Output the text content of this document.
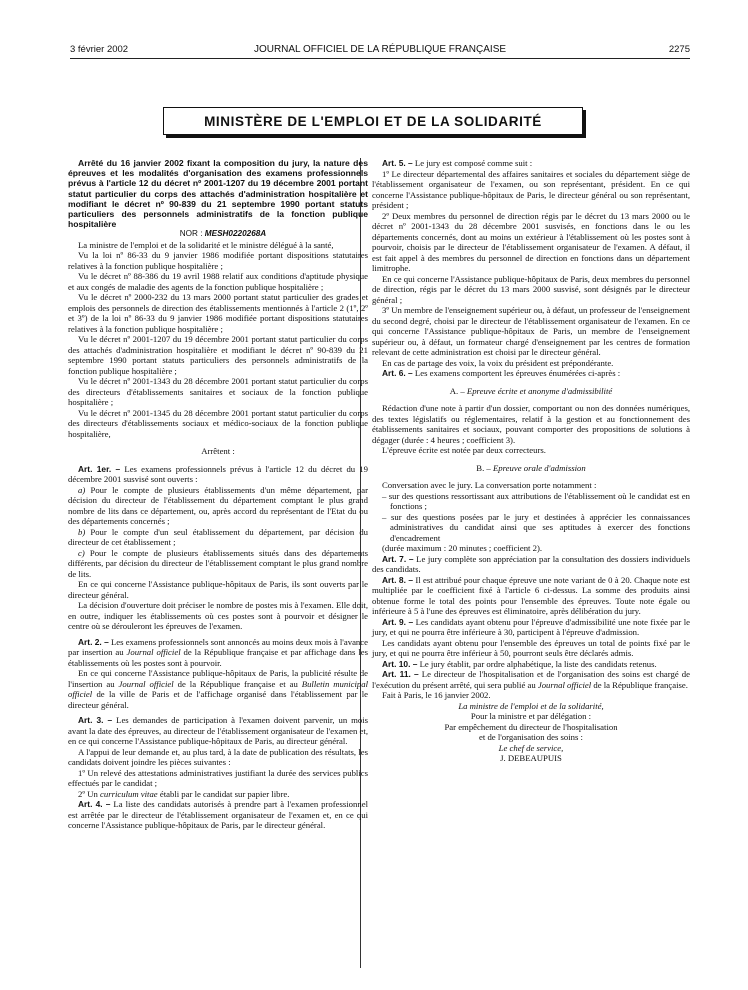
3 février 2002	JOURNAL OFFICIEL DE LA RÉPUBLIQUE FRANÇAISE	2275
MINISTÈRE DE L'EMPLOI ET DE LA SOLIDARITÉ

Arrêté du 16 janvier 2002 fixant la composition du jury, la nature des épreuves et les modalités d'organisation des examens professionnels prévus à l'article 12 du décret nº 2001-1207 du 19 décembre 2001 portant statut particulier du corps des attachés d'administration hospitalière et modifiant le décret nº 90-839 du 21 septembre 1990 portant statuts particuliers des personnels administratifs de la fonction publique hospitalière

NOR : MESH0220268A

La ministre de l'emploi et de la solidarité et le ministre délégué à la santé,

Vu la loi nº 86-33 du 9 janvier 1986 modifiée portant dispositions statutaires relatives à la fonction publique hospitalière ;

Vu le décret nº 88-386 du 19 avril 1988 relatif aux conditions d'aptitude physique et aux congés de maladie des agents de la fonction publique hospitalière ;

Vu le décret nº 2000-232 du 13 mars 2000 portant statut particulier des grades et emplois des personnels de direction des établissements mentionnés à l'article 2 (1º, 2º et 3º) de la loi nº 86-33 du 9 janvier 1986 modifiée portant dispositions statutaires relatives à la fonction publique hospitalière ;

Vu le décret nº 2001-1207 du 19 décembre 2001 portant statut particulier du corps des attachés d'administration hospitalière et modifiant le décret nº 90-839 du 21 septembre 1990 portant statuts particuliers des personnels administratifs de la fonction publique hospitalière ;

Vu le décret nº 2001-1343 du 28 décembre 2001 portant statut particulier du corps des directeurs d'établissements sanitaires et sociaux de la fonction publique hospitalière ;

Vu le décret nº 2001-1345 du 28 décembre 2001 portant statut particulier du corps des directeurs d'établissements sociaux et médico-sociaux de la fonction publique hospitalière,

Arrêtent :

Art. 1er. – Les examens professionnels prévus à l'article 12 du décret du 19 décembre 2001 susvisé sont ouverts :

a) Pour le compte de plusieurs établissements d'un même département, par décision du directeur de l'établissement du département comptant le plus grand nombre de lits dans ce département, ou, après accord du représentant de l'Etat du ou des départements concernés ;

b) Pour le compte d'un seul établissement du département, par décision du directeur de cet établissement ;

c) Pour le compte de plusieurs établissements situés dans des départements différents, par décision du directeur de l'établissement comptant le plus grand nombre de lits.

En ce qui concerne l'Assistance publique-hôpitaux de Paris, ils sont ouverts par le directeur général.

La décision d'ouverture doit préciser le nombre de postes mis à l'examen. Elle doit, en outre, indiquer les établissements où ces postes sont à pourvoir et désigner le centre où se dérouleront les épreuves de l'examen.

Art. 2. – Les examens professionnels sont annoncés au moins deux mois à l'avance par insertion au Journal officiel de la République française et par affichage dans les établissements où les postes sont à pourvoir.

En ce qui concerne l'Assistance publique-hôpitaux de Paris, la publicité résulte de l'insertion au Journal officiel de la République française et au Bulletin municipal officiel de la ville de Paris et de l'affichage organisé dans l'établissement par le directeur général.

Art. 3. – Les demandes de participation à l'examen doivent parvenir, un mois avant la date des épreuves, au directeur de l'établissement organisateur de l'examen et, en ce qui concerne l'Assistance publique-hôpitaux de Paris, au directeur général.

A l'appui de leur demande et, au plus tard, à la date de publication des résultats, les candidats doivent joindre les pièces suivantes :

1º Un relevé des attestations administratives justifiant la durée des services publics effectués par le candidat ;

2º Un curriculum vitae établi par le candidat sur papier libre.

Art. 4. – La liste des candidats autorisés à prendre part à l'examen professionnel est arrêtée par le directeur de l'établissement organisateur de l'examen et, en ce qui concerne l'Assistance publique-hôpitaux de Paris, par le directeur général.

Art. 5. – Le jury est composé comme suit :

1º Le directeur départemental des affaires sanitaires et sociales du département siège de l'établissement organisateur de l'examen, ou son représentant, président. En ce qui concerne l'Assistance publique-hôpitaux de Paris, le directeur général ou son représentant, président ;

2º Deux membres du personnel de direction régis par le décret du 13 mars 2000 ou le décret nº 2001-1343 du 28 décembre 2001 susvisés, en fonctions dans le ou les départements concernés, dont au moins un extérieur à l'établissement où les postes sont à pourvoir, choisis par le directeur de l'établissement organisateur de l'examen. A défaut, il est fait appel à des membres du personnel de direction en fonctions dans un département limitrophe.

En ce qui concerne l'Assistance publique-hôpitaux de Paris, deux membres du personnel de direction, régis par le décret du 13 mars 2000 susvisé, sont désignés par le directeur général ;

3º Un membre de l'enseignement supérieur ou, à défaut, un professeur de l'enseignement du second degré, choisi par le directeur de l'établissement organisateur de l'examen. En ce qui concerne l'Assistance publique-hôpitaux de Paris, un membre de l'enseignement supérieur ou, à défaut, un formateur chargé d'enseignement par les centres de formation relevant de cette administration est choisi par le directeur général.

En cas de partage des voix, la voix du président est prépondérante.

Art. 6. – Les examens comportent les épreuves énumérées ci-après :

A. – Epreuve écrite et anonyme d'admissibilité

Rédaction d'une note à partir d'un dossier, comportant ou non des données numériques, des textes législatifs ou réglementaires, relatif à la gestion et au fonctionnement des établissements sanitaires et sociaux, pouvant comporter des propositions de solutions à dégager (durée : 4 heures ; coefficient 3).

L'épreuve écrite est notée par deux correcteurs.

B. – Epreuve orale d'admission

Conversation avec le jury. La conversation porte notamment :

– sur des questions ressortissant aux attributions de l'établissement où le candidat est en fonctions ;

– sur des questions posées par le jury et destinées à apprécier les connaissances administratives du candidat ainsi que ses aptitudes à exercer des fonctions d'encadrement

(durée maximum : 20 minutes ; coefficient 2).

Art. 7. – Le jury complète son appréciation par la consultation des dossiers individuels des candidats.

Art. 8. – Il est attribué pour chaque épreuve une note variant de 0 à 20. Chaque note est multipliée par le coefficient fixé à l'article 6 ci-dessus. La somme des produits ainsi obtenue forme le total des points pour l'ensemble des épreuves. Toute note égale ou inférieure à 5 à l'une des épreuves est éliminatoire, après délibération du jury.

Art. 9. – Les candidats ayant obtenu pour l'épreuve d'admissibilité une note fixée par le jury, et qui ne pourra être inférieure à 30, participent à l'épreuve d'admission.

Les candidats ayant obtenu pour l'ensemble des épreuves un total de points fixé par le jury, et qui ne pourra être inférieur à 50, pourront seuls être déclarés admis.

Art. 10. – Le jury établit, par ordre alphabétique, la liste des candidats retenus.

Art. 11. – Le directeur de l'hospitalisation et de l'organisation des soins est chargé de l'exécution du présent arrêté, qui sera publié au Journal officiel de la République française.

Fait à Paris, le 16 janvier 2002.

La ministre de l'emploi et de la solidarité,

Pour la ministre et par délégation :

Par empêchement du directeur de l'hospitalisation

et de l'organisation des soins :

Le chef de service,

J. DEBEAUPUIS
